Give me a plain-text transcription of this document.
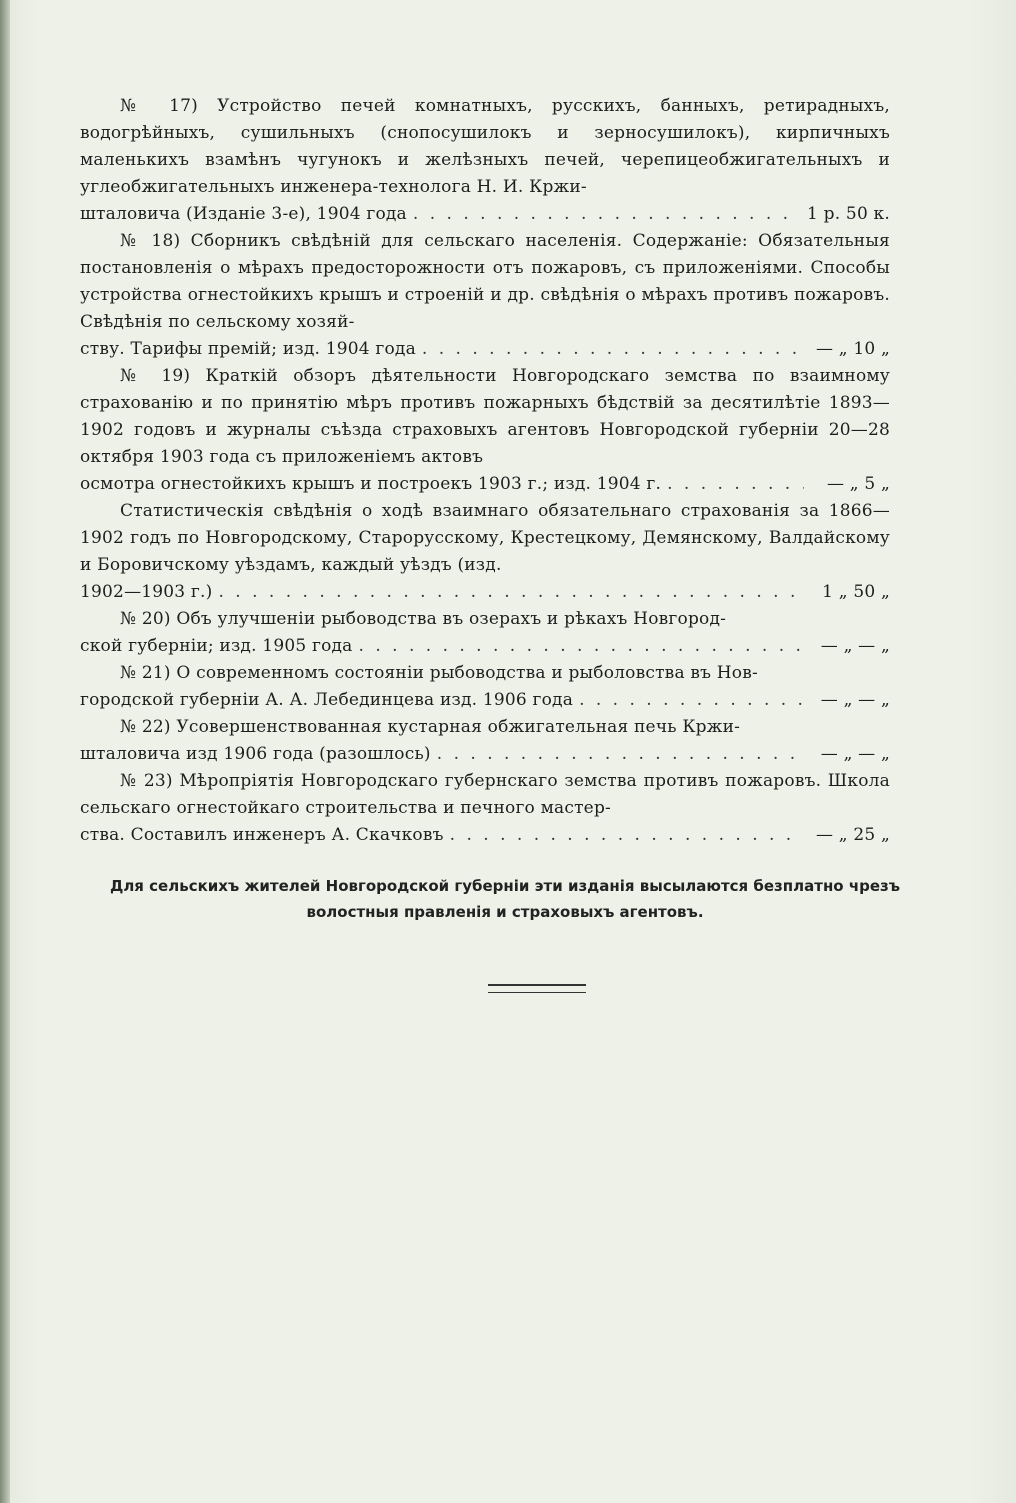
№ 17) Устройство печей комнатныхъ, русскихъ, банныхъ, ретирадныхъ, водогрѣйныхъ, сушильныхъ (снопосушилокъ и зерносушилокъ), кирпичныхъ маленькихъ взамѣнъ чугунокъ и желѣзныхъ печей, черепицеобжигательныхъ и углеобжигательныхъ инженера-технолога Н. И. Кржи-
шталовича (Изданіе 3-е), 1904 года . . .	1 р. 50 к.
№ 18) Сборникъ свѣдѣній для сельскаго населенія. Содержаніе: Обязательныя постановленія о мѣрахъ предосторожности отъ пожаровъ, съ приложеніями. Способы устройства огнестойкихъ крышъ и строеній и др. свѣдѣнія о мѣрахъ противъ пожаровъ. Свѣдѣнія по сельскому хозяй-
ству. Тарифы премій; изд. 1904 года . . .	— „ 10 „
№ 19) Краткій обзоръ дѣятельности Новгородскаго земства по взаимному страхованію и по принятію мѣръ противъ пожарныхъ бѣдствій за десятилѣтіе 1893—1902 годовъ и журналы съѣзда страховыхъ агентовъ Новгородской губерніи 20—28 октября 1903 года съ приложеніемъ актовъ
осмотра огнестойкихъ крышъ и построекъ 1903 г.; изд. 1904 г. . . .	— „ 5 „
Статистическія свѣдѣнія о ходѣ взаимнаго обязательнаго страхованія за 1866—1902 годъ по Новгородскому, Старорусскому, Крестецкому, Демянскому, Валдайскому и Боровичскому уѣздамъ, каждый уѣздъ (изд.
1902—1903 г.) . . .	1 „ 50 „
№ 20) Объ улучшеніи рыбоводства въ озерахъ и рѣкахъ Новгород-
ской губерніи; изд. 1905 года . . .	— „ — „
№ 21) О современномъ состояніи рыбоводства и рыболовства въ Нов-
городской губерніи А. А. Лебединцева изд. 1906 года . . .	— „ — „
№ 22) Усовершенствованная кустарная обжигательная печь Кржи-
шталовича изд 1906 года (разошлось) . . .	— „ — „
№ 23) Мѣропріятія Новгородскаго губернскаго земства противъ пожаровъ. Школа сельскаго огнестойкаго строительства и печного мастер-
ства. Составилъ инженеръ А. Скачковъ . . .	— „ 25 „
Для сельскихъ жителей Новгородской губерніи эти изданія высылаются безплатно чрезъ
волостныя правленія и страховыхъ агентовъ.
